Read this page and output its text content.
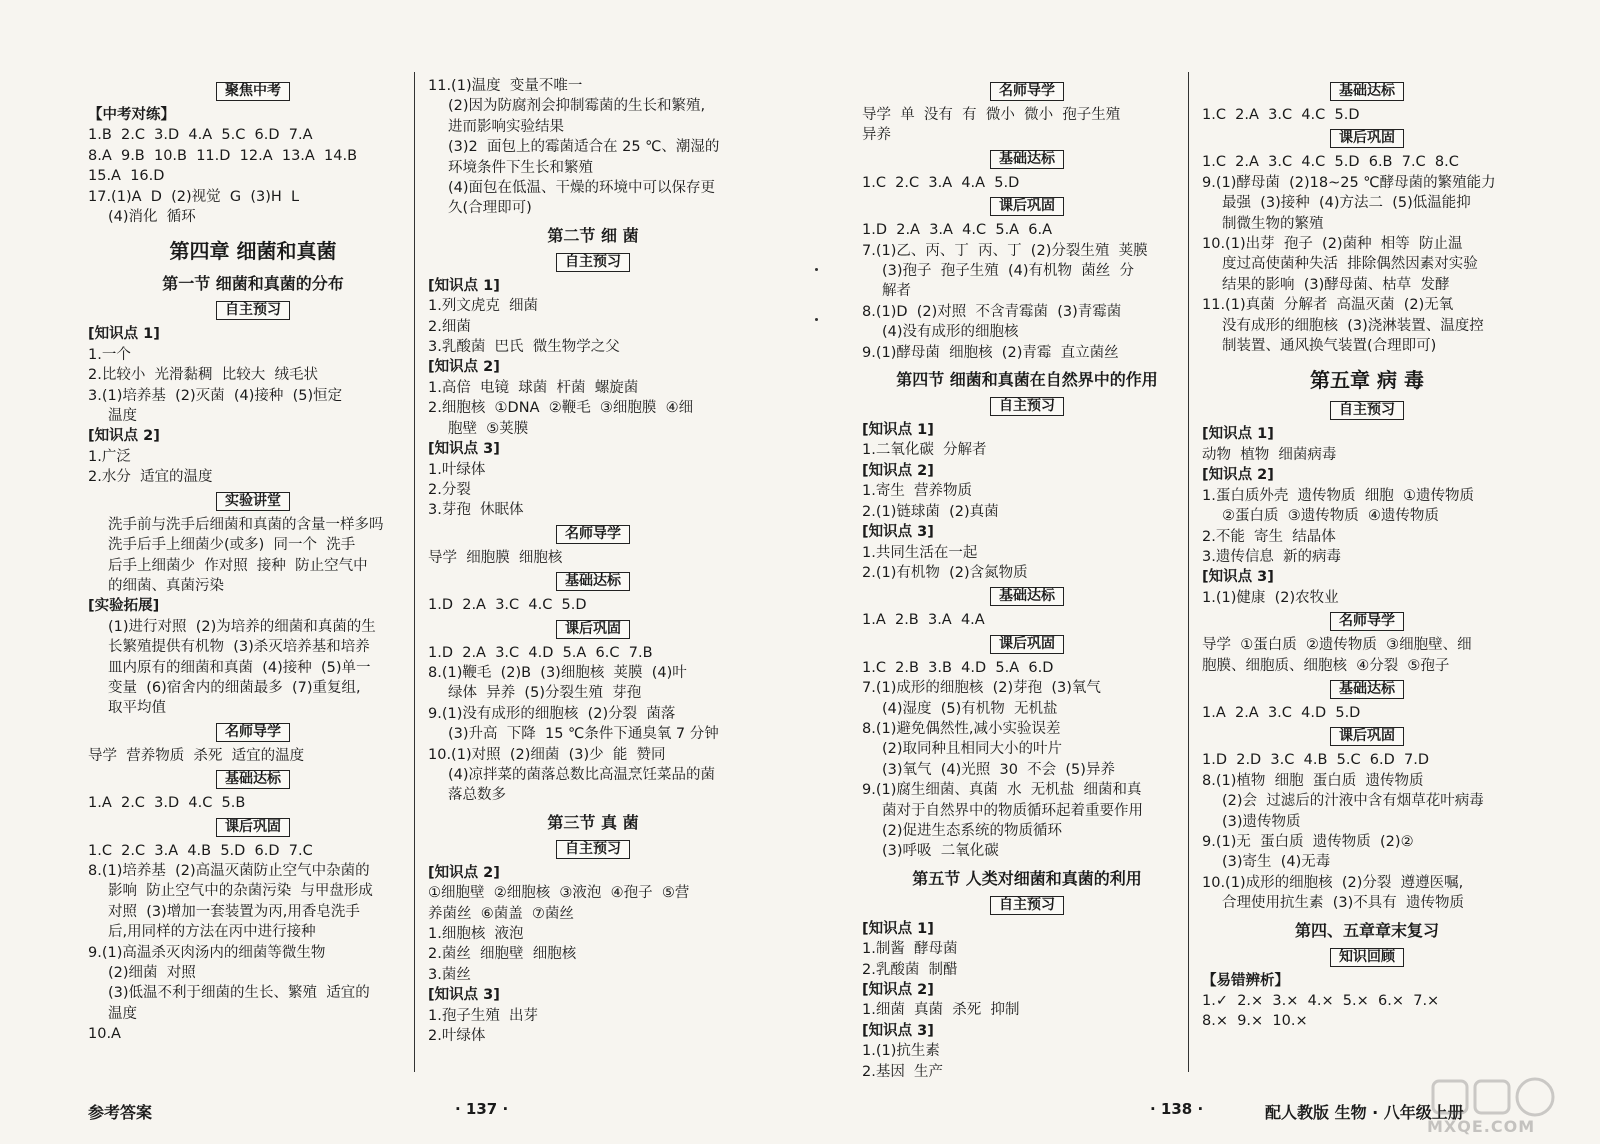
聚焦中考
【中考对练】
1.B  2.C  3.D  4.A  5.C  6.D  7.A
8.A  9.B  10.B  11.D  12.A  13.A  14.B
15.A  16.D
17.(1)A  D  (2)视觉  G  (3)H  L
(4)消化  循环
第四章 细菌和真菌
第一节 细菌和真菌的分布
自主预习
[知识点 1]
1.一个
2.比较小  光滑黏稠  比较大  绒毛状
3.(1)培养基  (2)灭菌  (4)接种  (5)恒定
温度
[知识点 2]
1.广泛
2.水分  适宜的温度
实验讲堂
洗手前与洗手后细菌和真菌的含量一样多吗
洗手后手上细菌少(或多)  同一个  洗手
后手上细菌少  作对照  接种  防止空气中
的细菌、真菌污染
[实验拓展]
(1)进行对照  (2)为培养的细菌和真菌的生
长繁殖提供有机物  (3)杀灭培养基和培养
皿内原有的细菌和真菌  (4)接种  (5)单一
变量  (6)宿舍内的细菌最多  (7)重复组,
取平均值
名师导学
导学  营养物质  杀死  适宜的温度
基础达标
1.A  2.C  3.D  4.C  5.B
课后巩固
1.C  2.C  3.A  4.B  5.D  6.D  7.C
8.(1)培养基  (2)高温灭菌防止空气中杂菌的
影响  防止空气中的杂菌污染  与甲盘形成
对照  (3)增加一套装置为丙,用香皂洗手
后,用同样的方法在丙中进行接种
9.(1)高温杀灭肉汤内的细菌等微生物
(2)细菌  对照
(3)低温不利于细菌的生长、繁殖  适宜的
温度
10.A
11.(1)温度  变量不唯一
(2)因为防腐剂会抑制霉菌的生长和繁殖,
进而影响实验结果
(3)2  面包上的霉菌适合在 25 ℃、潮湿的
环境条件下生长和繁殖
(4)面包在低温、干燥的环境中可以保存更
久(合理即可)
第二节 细 菌
自主预习
[知识点 1]
1.列文虎克  细菌
2.细菌
3.乳酸菌  巴氏  微生物学之父
[知识点 2]
1.高倍  电镜  球菌  杆菌  螺旋菌
2.细胞核  ①DNA  ②鞭毛  ③细胞膜  ④细
胞壁  ⑤荚膜
[知识点 3]
1.叶绿体
2.分裂
3.芽孢  休眠体
名师导学
导学  细胞膜  细胞核
基础达标
1.D  2.A  3.C  4.C  5.D
课后巩固
1.D  2.A  3.C  4.D  5.A  6.C  7.B
8.(1)鞭毛  (2)B  (3)细胞核  荚膜  (4)叶
绿体  异养  (5)分裂生殖  芽孢
9.(1)没有成形的细胞核  (2)分裂  菌落
(3)升高  下降  15 ℃条件下通臭氧 7 分钟
10.(1)对照  (2)细菌  (3)少  能  赞同
(4)凉拌菜的菌落总数比高温烹饪菜品的菌
落总数多
第三节 真 菌
自主预习
[知识点 2]
①细胞壁  ②细胞核  ③液泡  ④孢子  ⑤营
养菌丝  ⑥菌盖  ⑦菌丝
1.细胞核  液泡
2.菌丝  细胞壁  细胞核
3.菌丝
[知识点 3]
1.孢子生殖  出芽
2.叶绿体
名师导学
导学  单  没有  有  微小  微小  孢子生殖
异养
基础达标
1.C  2.C  3.A  4.A  5.D
课后巩固
1.D  2.A  3.A  4.C  5.A  6.A
7.(1)乙、丙、丁  丙、丁  (2)分裂生殖  荚膜
(3)孢子  孢子生殖  (4)有机物  菌丝  分
解者
8.(1)D  (2)对照  不含青霉菌  (3)青霉菌
(4)没有成形的细胞核
9.(1)酵母菌  细胞核  (2)青霉  直立菌丝
第四节 细菌和真菌在自然界中的作用
自主预习
[知识点 1]
1.二氧化碳  分解者
[知识点 2]
1.寄生  营养物质
2.(1)链球菌  (2)真菌
[知识点 3]
1.共同生活在一起
2.(1)有机物  (2)含氮物质
基础达标
1.A  2.B  3.A  4.A
课后巩固
1.C  2.B  3.B  4.D  5.A  6.D
7.(1)成形的细胞核  (2)芽孢  (3)氧气
(4)湿度  (5)有机物  无机盐
8.(1)避免偶然性,减小实验误差
(2)取同种且相同大小的叶片
(3)氧气  (4)光照  30  不会  (5)异养
9.(1)腐生细菌、真菌  水  无机盐  细菌和真
菌对于自然界中的物质循环起着重要作用
(2)促进生态系统的物质循环
(3)呼吸  二氧化碳
第五节 人类对细菌和真菌的利用
自主预习
[知识点 1]
1.制酱  酵母菌
2.乳酸菌  制醋
[知识点 2]
1.细菌  真菌  杀死  抑制
[知识点 3]
1.(1)抗生素
2.基因  生产
基础达标
1.C  2.A  3.C  4.C  5.D
课后巩固
1.C  2.A  3.C  4.C  5.D  6.B  7.C  8.C
9.(1)酵母菌  (2)18~25 ℃酵母菌的繁殖能力
最强  (3)接种  (4)方法二  (5)低温能抑
制微生物的繁殖
10.(1)出芽  孢子  (2)菌种  相等  防止温
度过高使菌种失活  排除偶然因素对实验
结果的影响  (3)酵母菌、枯草  发酵
11.(1)真菌  分解者  高温灭菌  (2)无氧
没有成形的细胞核  (3)浇淋装置、温度控
制装置、通风换气装置(合理即可)
第五章 病 毒
自主预习
[知识点 1]
动物  植物  细菌病毒
[知识点 2]
1.蛋白质外壳  遗传物质  细胞  ①遗传物质
②蛋白质  ③遗传物质  ④遗传物质
2.不能  寄生  结晶体
3.遗传信息  新的病毒
[知识点 3]
1.(1)健康  (2)农牧业
名师导学
导学  ①蛋白质  ②遗传物质  ③细胞壁、细
胞膜、细胞质、细胞核  ④分裂  ⑤孢子
基础达标
1.A  2.A  3.C  4.D  5.D
课后巩固
1.D  2.D  3.C  4.B  5.C  6.D  7.D
8.(1)植物  细胞  蛋白质  遗传物质
(2)会  过滤后的汁液中含有烟草花叶病毒
(3)遗传物质
9.(1)无  蛋白质  遗传物质  (2)②
(3)寄生  (4)无毒
10.(1)成形的细胞核  (2)分裂  遵遵医嘱,
合理使用抗生素  (3)不具有  遗传物质
第四、五章章末复习
知识回顾
【易错辨析】
1.✓  2.×  3.×  4.×  5.×  6.×  7.×
8.×  9.×  10.×
参考答案	· 137 ·	· 138 ·	配人教版 生物 · 八年级上册
MXQE.COM
